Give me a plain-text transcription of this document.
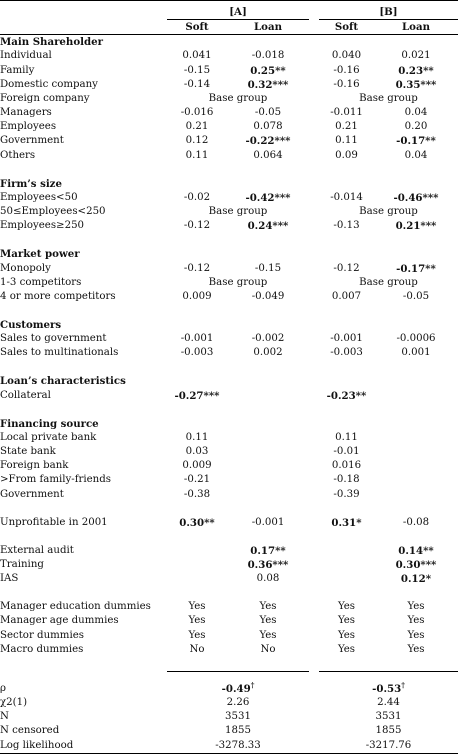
	[A]			[B]	
	Soft	Loan		Soft	Loan
Main Shareholder					
Individual	0.041	-0.018		0.040	0.021
Family	-0.15	0.25**		-0.16	0.23**
Domestic company	-0.14	0.32***		-0.16	0.35***
Foreign company	Base group			Base group	
Managers	-0.016	-0.05		-0.011	0.04
Employees	0.21	0.078		0.21	0.20
Government	0.12	-0.22***		0.11	-0.17**
Others	0.11	0.064		0.09	0.04

Firm’s size					
Employees<50	-0.02	-0.42***		-0.014	-0.46***
50≤Employees<250	Base group			Base group	
Employees≥250	-0.12	0.24***		-0.13	0.21***

Market power					
Monopoly	-0.12	-0.15		-0.12	-0.17**
1-3 competitors	Base group			Base group	
4 or more competitors	0.009	-0.049		0.007	-0.05

Customers					
Sales to government	-0.001	-0.002		-0.001	-0.0006
Sales to multinationals	-0.003	0.002		-0.003	0.001

Loan’s characteristics					
Collateral	-0.27***			-0.23**	

Financing source					
Local private bank	0.11			0.11	
State bank	0.03			-0.01	
Foreign bank	0.009			0.016	
>From family-friends	-0.21			-0.18	
Government	-0.38			-0.39	

Unprofitable in 2001	0.30**	-0.001		0.31*	-0.08

External audit		0.17**			0.14**
Training		0.36***			0.30***
IAS		0.08			0.12*

Manager education dummies	Yes	Yes		Yes	Yes
Manager age dummies	Yes	Yes		Yes	Yes
Sector dummies	Yes	Yes		Yes	Yes
Macro dummies	No	No		Yes	Yes

ρ	-0.49†			-0.53†
χ2(1)	2.26			2.44	
N	3531			3531	
N censored	1855			1855	
Log likelihood	-3278.33			-3217.76	
